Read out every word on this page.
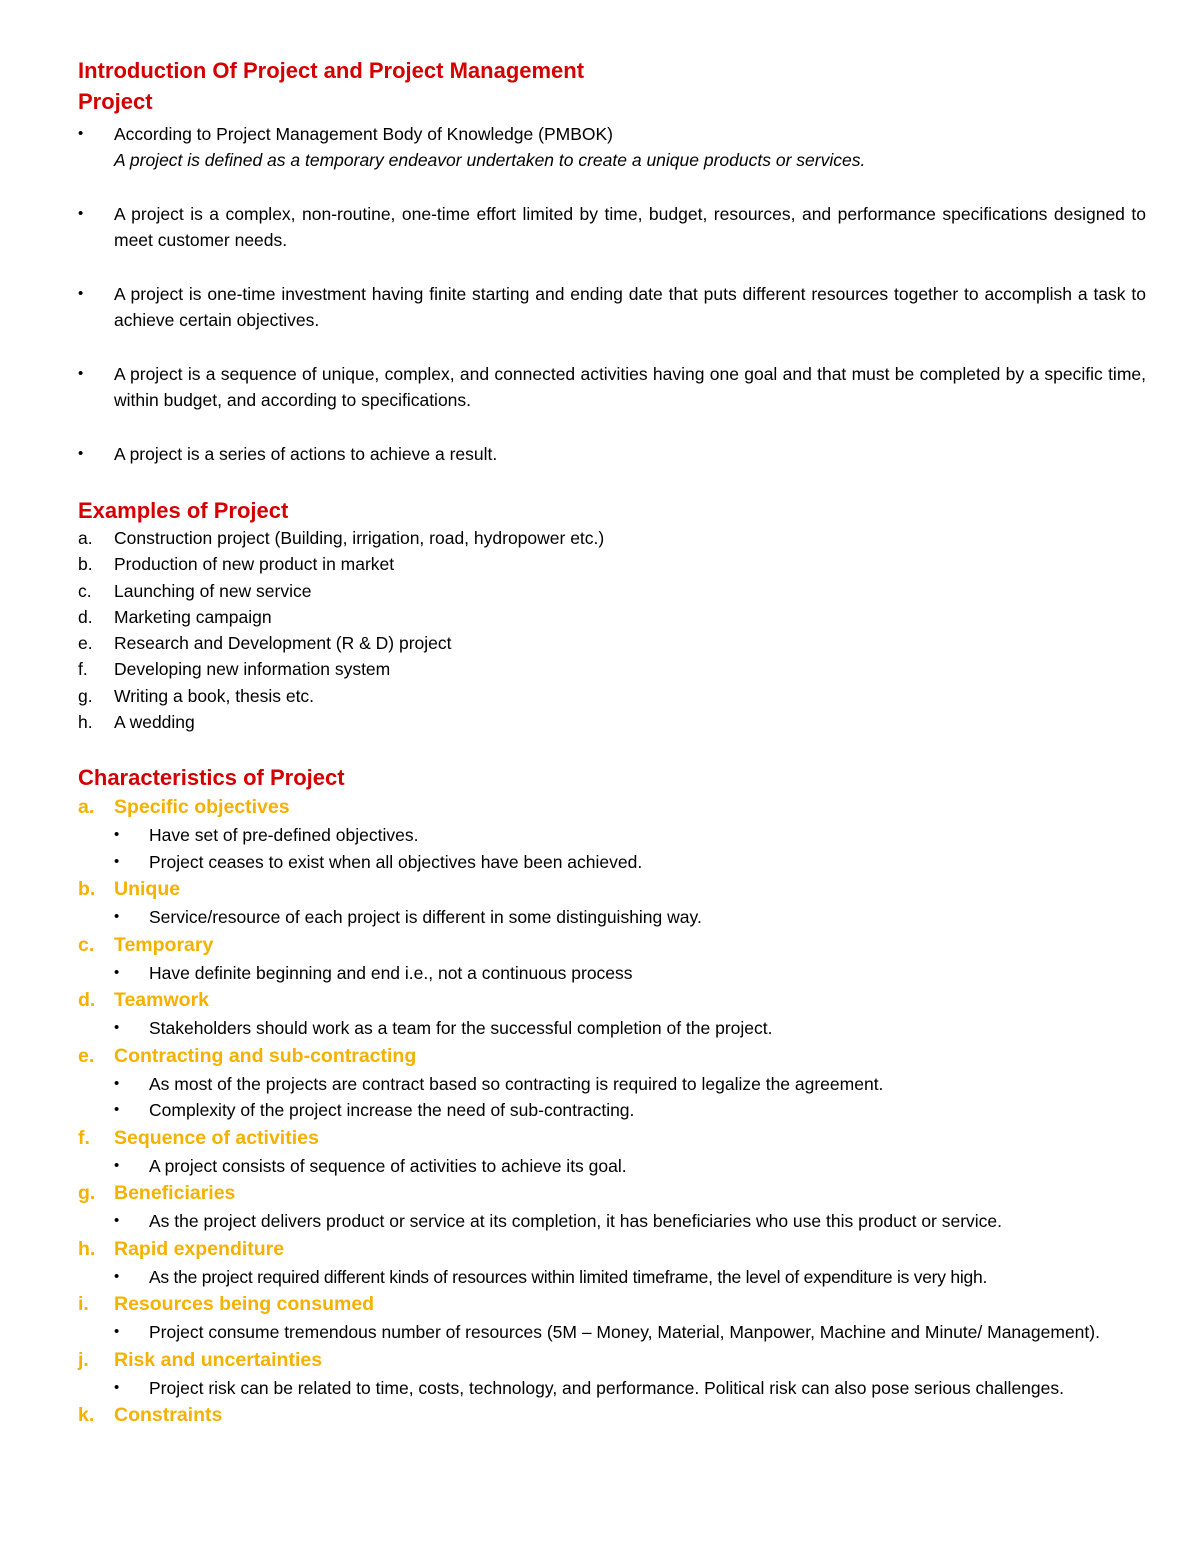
Introduction Of Project and Project Management
Project
•	According to Project Management Body of Knowledge (PMBOK)
A project is defined as a temporary endeavor undertaken to create a unique products or services.
•	A project is a complex, non-routine, one-time effort limited by time, budget, resources, and performance specifications designed to meet customer needs.
•	A project is one-time investment having finite starting and ending date that puts different resources together to accomplish a task to achieve certain objectives.
•	A project is a sequence of unique, complex, and connected activities having one goal and that must be completed by a specific time, within budget, and according to specifications.
•	A project is a series of actions to achieve a result.
Examples of Project
a. Construction project (Building, irrigation, road, hydropower etc.)
b. Production of new product in market
c. Launching of new service
d. Marketing campaign
e. Research and Development (R & D) project
f. Developing new information system
g. Writing a book, thesis etc.
h. A wedding
Characteristics of Project
a. Specific objectives
• Have set of pre-defined objectives.
• Project ceases to exist when all objectives have been achieved.
b. Unique
• Service/resource of each project is different in some distinguishing way.
c. Temporary
• Have definite beginning and end i.e., not a continuous process
d. Teamwork
• Stakeholders should work as a team for the successful completion of the project.
e. Contracting and sub-contracting
• As most of the projects are contract based so contracting is required to legalize the agreement.
• Complexity of the project increase the need of sub-contracting.
f. Sequence of activities
• A project consists of sequence of activities to achieve its goal.
g. Beneficiaries
• As the project delivers product or service at its completion, it has beneficiaries who use this product or service.
h. Rapid expenditure
• As the project required different kinds of resources within limited timeframe, the level of expenditure is very high.
i. Resources being consumed
• Project consume tremendous number of resources (5M – Money, Material, Manpower, Machine and Minute/ Management).
j. Risk and uncertainties
• Project risk can be related to time, costs, technology, and performance. Political risk can also pose serious challenges.
k. Constraints
